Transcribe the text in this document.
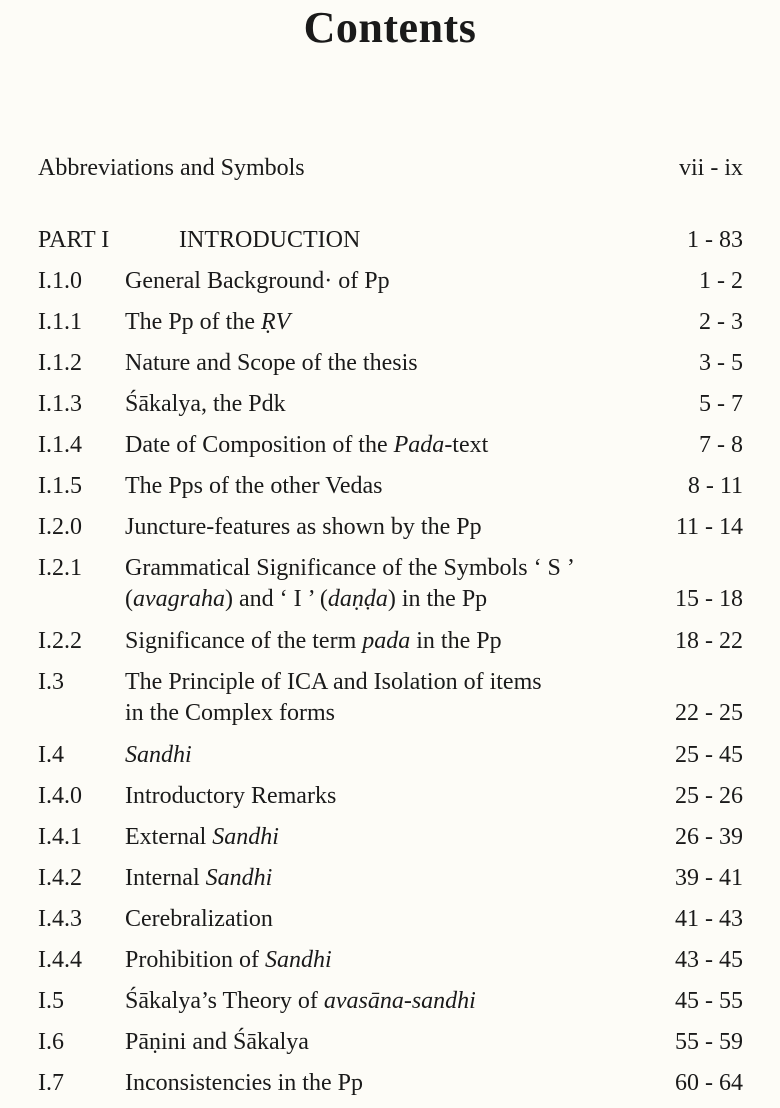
Contents
Abbreviations and Symbols	vii - ix
PART I	INTRODUCTION	1 - 83
I.1.0 General Background· of Pp	1 - 2
I.1.1 The Pp of the ṚV	2 - 3
I.1.2 Nature and Scope of the thesis	3 - 5
I.1.3 Śākalya, the Pdk	5 - 7
I.1.4 Date of Composition of the Pada-text	7 - 8
I.1.5 The Pps of the other Vedas	8 - 11
I.2.0 Juncture-features as shown by the Pp	11 - 14
I.2.1 Grammatical Significance of the Symbols ‘ S ’
(avagraha) and ‘ I ’ (daṇḍa) in the Pp	15 - 18
I.2.2 Significance of the term pada in the Pp	18 - 22
I.3	The Principle of ICA and Isolation of items
in the Complex forms	22 - 25
I.4	Sandhi	25 - 45
I.4.0 Introductory Remarks	25 - 26
I.4.1 External Sandhi	26 - 39
I.4.2 Internal Sandhi	39 - 41
I.4.3 Cerebralization	41 - 43
I.4.4 Prohibition of Sandhi	43 - 45
I.5	Śākalya’s Theory of avasāna-sandhi	45 - 55
I.6	Pāṇini and Śākalya	55 - 59
I.7	Inconsistencies in the Pp	60 - 64
